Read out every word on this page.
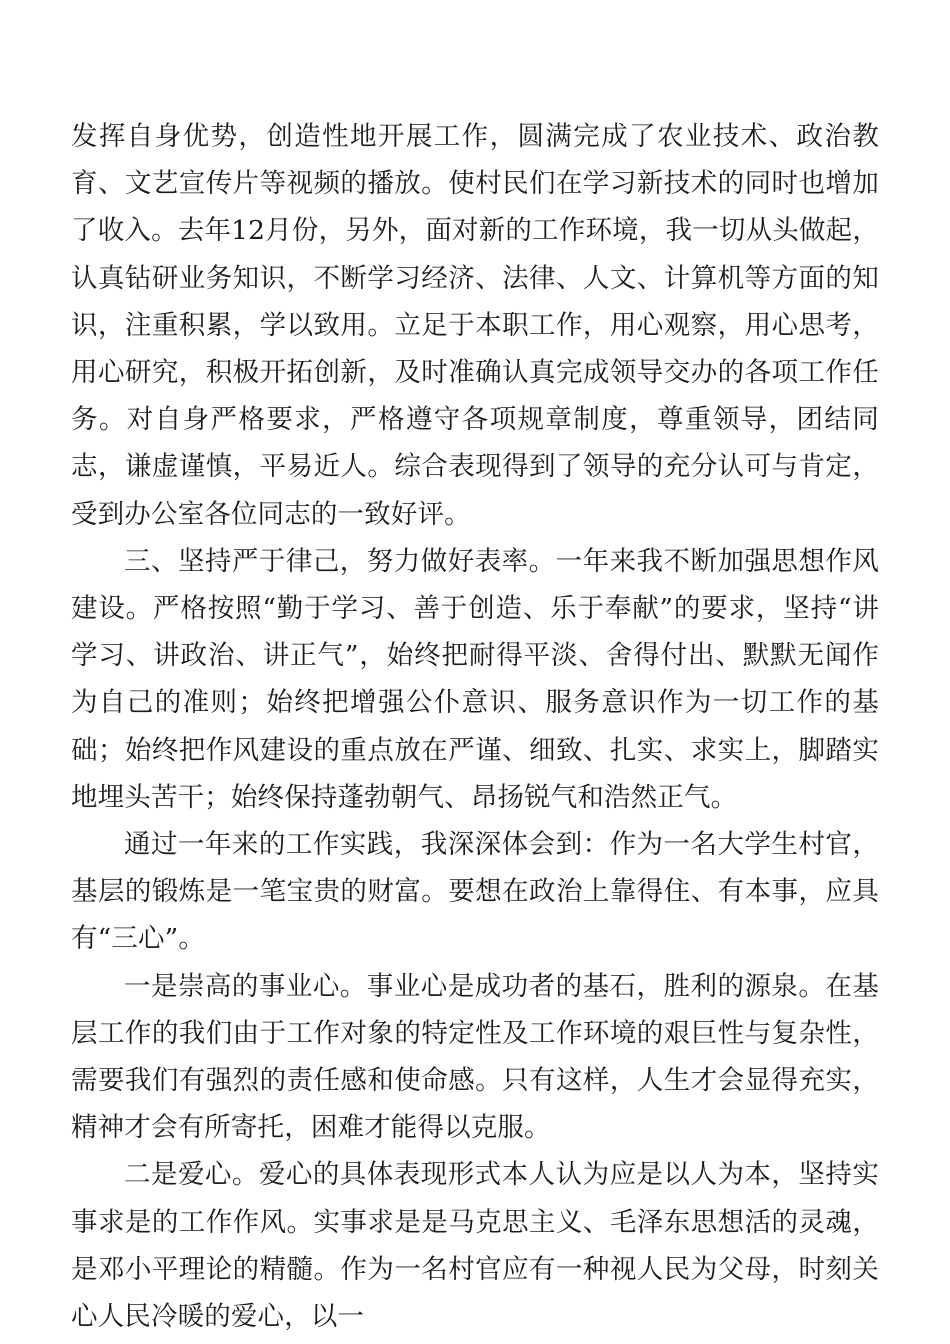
发挥自身优势，创造性地开展工作，圆满完成了农业技术、政治教育、文艺宣传片等视频的播放。使村民们在学习新技术的同时也增加了收入。去年12月份，另外，面对新的工作环境，我一切从头做起，认真钻研业务知识，不断学习经济、法律、人文、计算机等方面的知识，注重积累，学以致用。立足于本职工作，用心观察，用心思考，用心研究，积极开拓创新，及时准确认真完成领导交办的各项工作任务。对自身严格要求，严格遵守各项规章制度，尊重领导，团结同志，谦虚谨慎，平易近人。综合表现得到了领导的充分认可与肯定，受到办公室各位同志的一致好评。

三、坚持严于律己，努力做好表率。一年来我不断加强思想作风建设。严格按照“勤于学习、善于创造、乐于奉献”的要求，坚持“讲学习、讲政治、讲正气”，始终把耐得平淡、舍得付出、默默无闻作为自己的准则；始终把增强公仆意识、服务意识作为一切工作的基础；始终把作风建设的重点放在严谨、细致、扎实、求实上，脚踏实地埋头苦干；始终保持蓬勃朝气、昂扬锐气和浩然正气。

通过一年来的工作实践，我深深体会到：作为一名大学生村官，基层的锻炼是一笔宝贵的财富。要想在政治上靠得住、有本事，应具有“三心”。

一是崇高的事业心。事业心是成功者的基石，胜利的源泉。在基层工作的我们由于工作对象的特定性及工作环境的艰巨性与复杂性，需要我们有强烈的责任感和使命感。只有这样，人生才会显得充实，精神才会有所寄托，困难才能得以克服。

二是爱心。爱心的具体表现形式本人认为应是以人为本，坚持实事求是的工作作风。实事求是是马克思主义、毛泽东思想活的灵魂，是邓小平理论的精髓。作为一名村官应有一种视人民为父母，时刻关心人民冷暖的爱心，以一
